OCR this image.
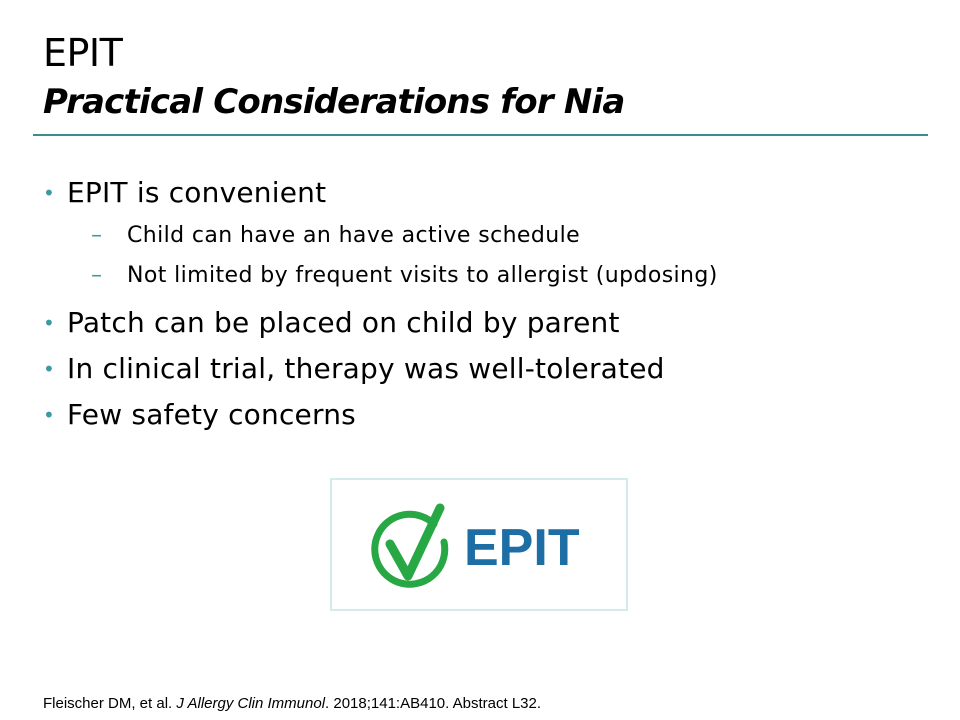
EPIT
Practical Considerations for Nia
• EPIT is convenient
– Child can have an have active schedule
– Not limited by frequent visits to allergist (updosing)
• Patch can be placed on child by parent
• In clinical trial, therapy was well-tolerated
• Few safety concerns
EPIT
Fleischer DM, et al. J Allergy Clin Immunol. 2018;141:AB410. Abstract L32.
